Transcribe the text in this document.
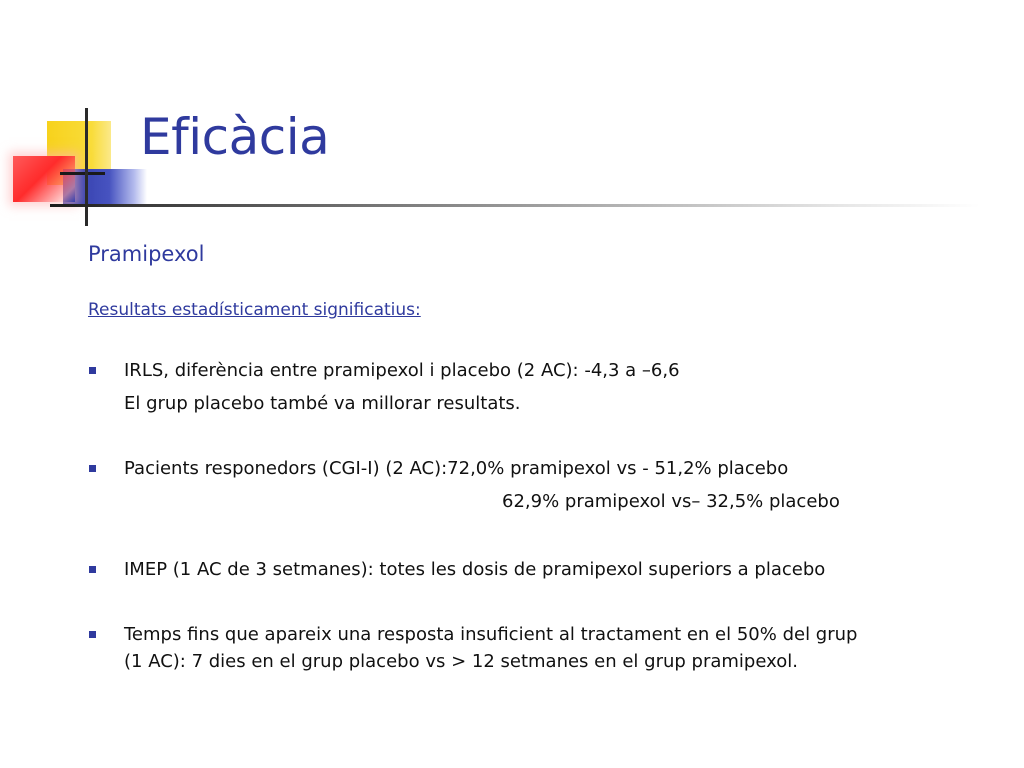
Eficàcia
Pramipexol
Resultats estadísticament significatius:
IRLS, diferència entre pramipexol i placebo (2 AC): -4,3 a –6,6
El grup placebo també va millorar resultats.
Pacients responedors (CGI-I) (2 AC):72,0% pramipexol vs - 51,2% placebo
62,9% pramipexol vs– 32,5% placebo
IMEP (1 AC de 3 setmanes): totes les dosis de pramipexol superiors a placebo
Temps fins que apareix una resposta insuficient al tractament en el 50% del grup
(1 AC): 7 dies en el grup placebo vs > 12 setmanes en el grup pramipexol.
